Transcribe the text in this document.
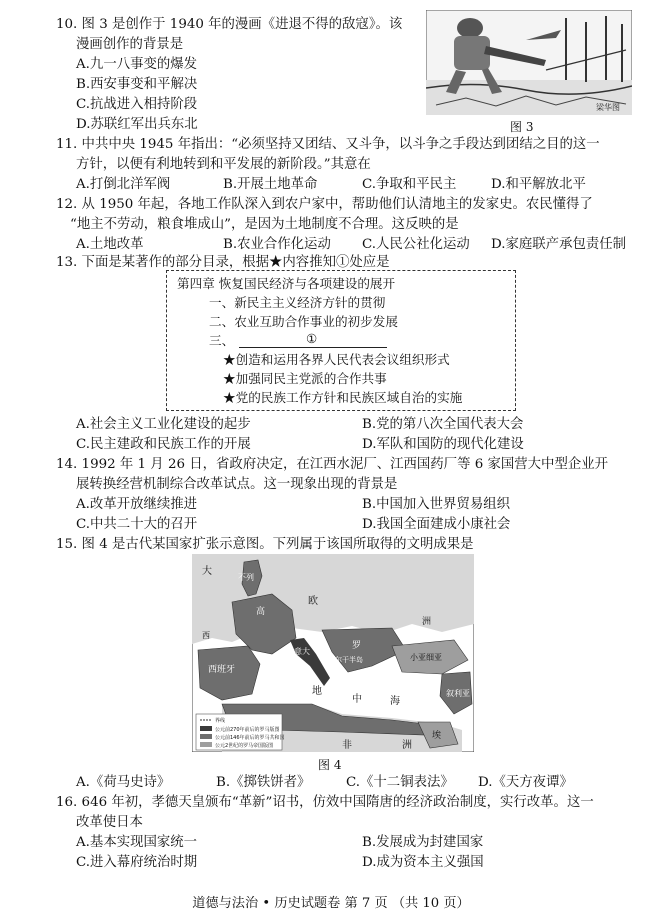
10. 图 3 是创作于 1940 年的漫画《进退不得的敌寇》。该
漫画创作的背景是
A.九一八事变的爆发
B.西安事变和平解决
C.抗战进入相持阶段
D.苏联红军出兵东北
梁华图
图 3
11. 中共中央 1945 年指出：“必须坚持又团结、又斗争，以斗争之手段达到团结之目的这一
方针，以便有利地转到和平发展的新阶段。”其意在
A.打倒北洋军阀	B.开展土地革命	C.争取和平民主	D.和平解放北平
12. 从 1950 年起，各地工作队深入到农户家中，帮助他们认清地主的发家史。农民懂得了
“地主不劳动，粮食堆成山”，是因为土地制度不合理。这反映的是
A.土地改革	B.农业合作化运动 C.人民公社化运动 D.家庭联产承包责任制
13. 下面是某著作的部分目录，根据★内容推知①处应是
第四章 恢复国民经济与各项建设的展开
一、新民主主义经济方针的贯彻
二、农业互助合作事业的初步发展
三、	①
★创造和运用各界人民代表会议组织形式
★加强同民主党派的合作共事
★党的民族工作方针和民族区域自治的实施
A.社会主义工业化建设的起步	B.党的第八次全国代表大会
C.民主建政和民族工作的开展	D.军队和国防的现代化建设
14. 1992 年 1 月 26 日，省政府决定，在江西水泥厂、江西国药厂等 6 家国营大中型企业开
展转换经营机制综合改革试点。这一现象出现的背景是
A.改革开放继续推进	B.中国加入世界贸易组织
C.中共二十大的召开	D.我国全面建成小康社会
15. 图 4 是古代某国家扩张示意图。下列属于该国所取得的文明成果是
大
不列
高
欧
西班牙
意大
罗
巴尔干半岛	小亚细亚
地
中	海
叙利亚
洲
埃
非	洲
西
界线
公元前270年前后的罗马版图
公元前146年前后的罗马共和国
公元2世纪的罗马帝国版图
图 4
A.《荷马史诗》	B.《掷铁饼者》	C.《十二铜表法》 D.《天方夜谭》
16. 646 年初，孝德天皇颁布“革新”诏书，仿效中国隋唐的经济政治制度，实行改革。这一
改革使日本
A.基本实现国家统一	B.发展成为封建国家
C.进入幕府统治时期	D.成为资本主义强国
道德与法治 • 历史试题卷 第 7 页 （共 10 页）
